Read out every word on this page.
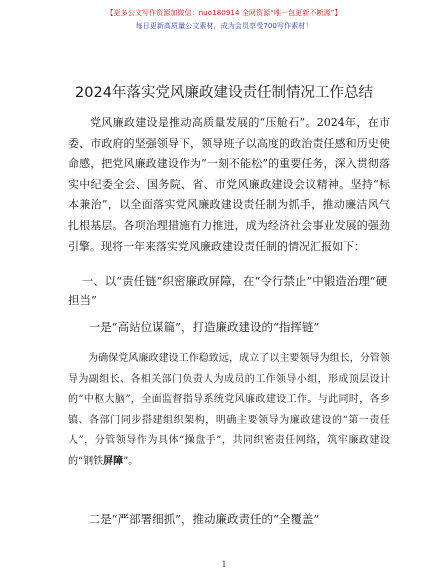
【更多公文写作资源加微信：nuo180914 全网资源“唯一包更新不断源”】
每日更新高质量公文素材，成为会员享受700写作素材！
2024年落实党风廉政建设责任制情况工作总结
党风廉政建设是推动高质量发展的“压舱石”。2024年，在市委、市政府的坚强领导下，领导班子以高度的政治责任感和历史使命感，把党风廉政建设作为“一刻不能松”的重要任务，深入贯彻落实中纪委全会、国务院、省、市党风廉政建设会议精神。坚持“标本兼治”，以全面落实党风廉政建设责任制为抓手，推动廉洁风气扎根基层。各项治理措施有力推进，成为经济社会事业发展的强劲引擎。现将一年来落实党风廉政建设责任制的情况汇报如下：
一、以“责任链”织密廉政屏障，在“令行禁止”中锻造治理“硬担当”
一是“高站位谋篇”，打造廉政建设的“指挥链”
为确保党风廉政建设工作稳致远，成立了以主要领导为组长，分管领导为副组长、各相关部门负责人为成员的工作领导小组，形成顶层设计的“中枢大脑”，全面监督指导系统党风廉政建设工作。与此同时，各乡镇、各部门同步搭建组织架构，明确主要领导为廉政建设的“第一责任人”，分管领导作为具体“操盘手”，共同织密责任网络，筑牢廉政建设的“钢铁屏障”。
二是“严部署细抓”，推动廉政责任的“全覆盖”
1
